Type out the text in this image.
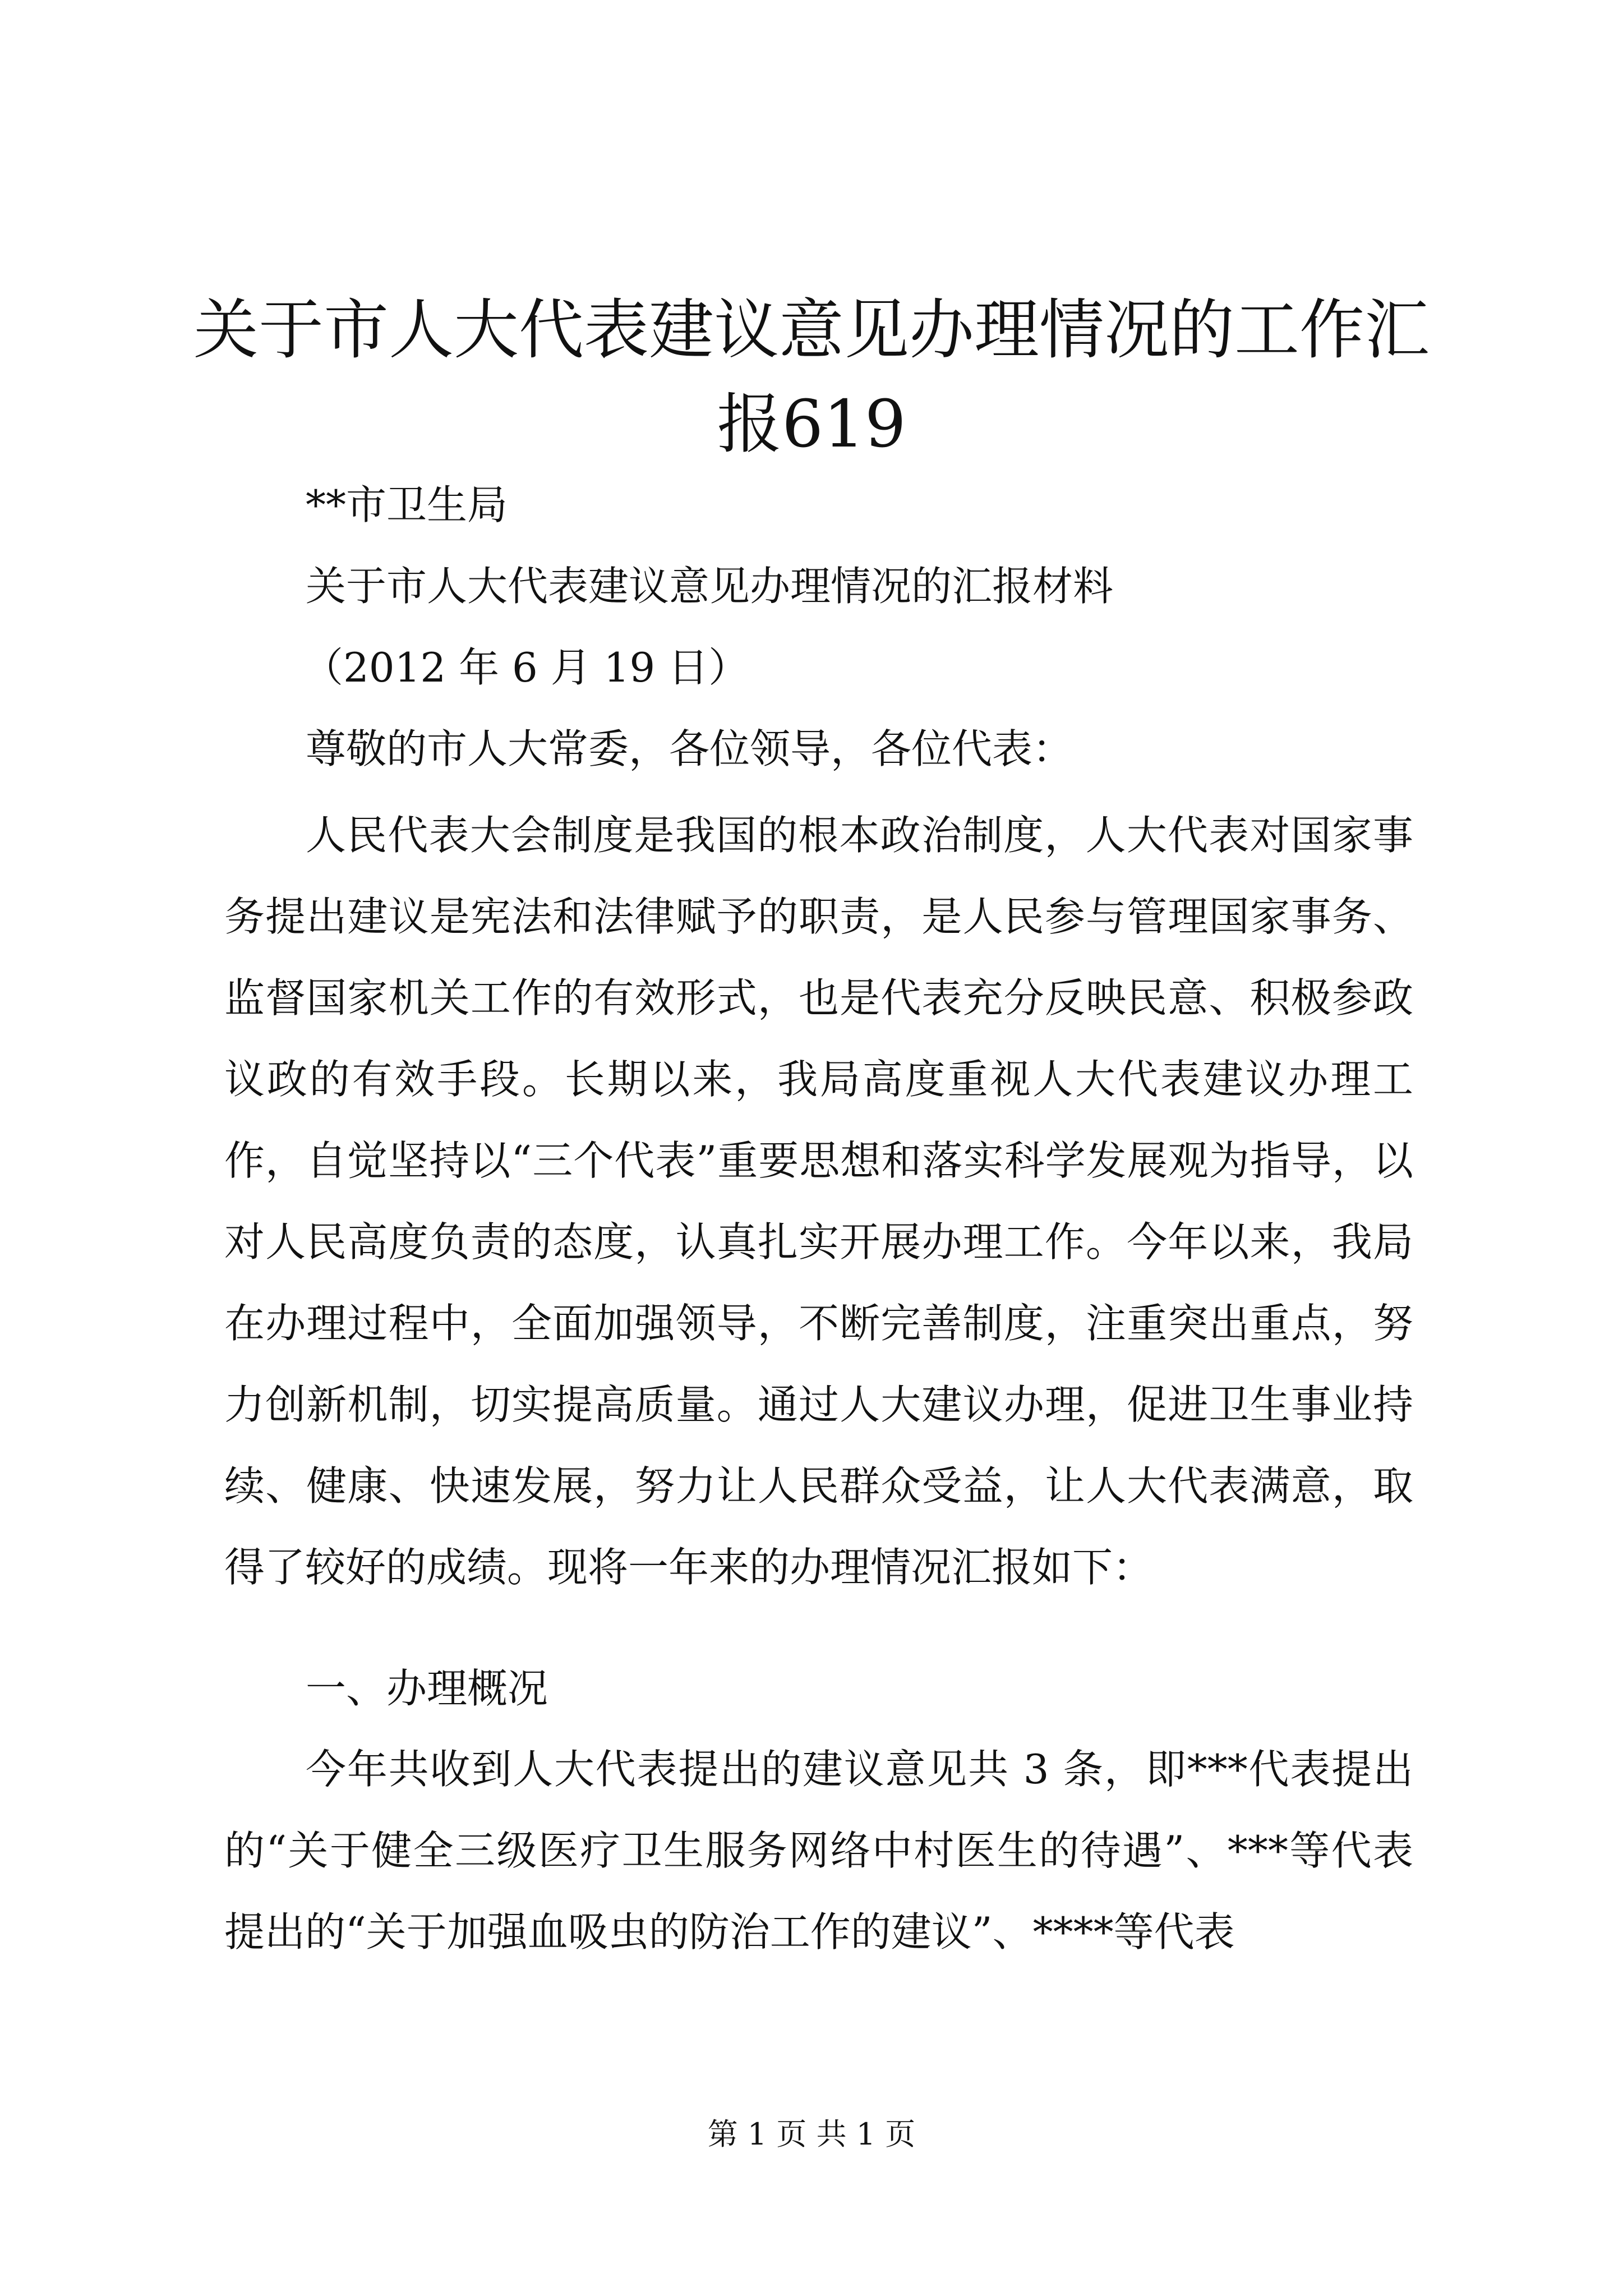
关于市人大代表建议意见办理情况的工作汇报619

**市卫生局

关于市人大代表建议意见办理情况的汇报材料

（2012 年 6 月 19 日）

尊敬的市人大常委，各位领导，各位代表：

人民代表大会制度是我国的根本政治制度，人大代表对国家事务提出建议是宪法和法律赋予的职责，是人民参与管理国家事务、监督国家机关工作的有效形式，也是代表充分反映民意、积极参政议政的有效手段。长期以来，我局高度重视人大代表建议办理工作，自觉坚持以“三个代表”重要思想和落实科学发展观为指导，以对人民高度负责的态度，认真扎实开展办理工作。今年以来，我局在办理过程中，全面加强领导，不断完善制度，注重突出重点，努力创新机制，切实提高质量。通过人大建议办理，促进卫生事业持续、健康、快速发展，努力让人民群众受益，让人大代表满意，取得了较好的成绩。现将一年来的办理情况汇报如下：

一、办理概况

今年共收到人大代表提出的建议意见共 3 条，即***代表提出的“关于健全三级医疗卫生服务网络中村医生的待遇”、***等代表提出的“关于加强血吸虫的防治工作的建议”、****等代表

第 1 页 共 1 页
